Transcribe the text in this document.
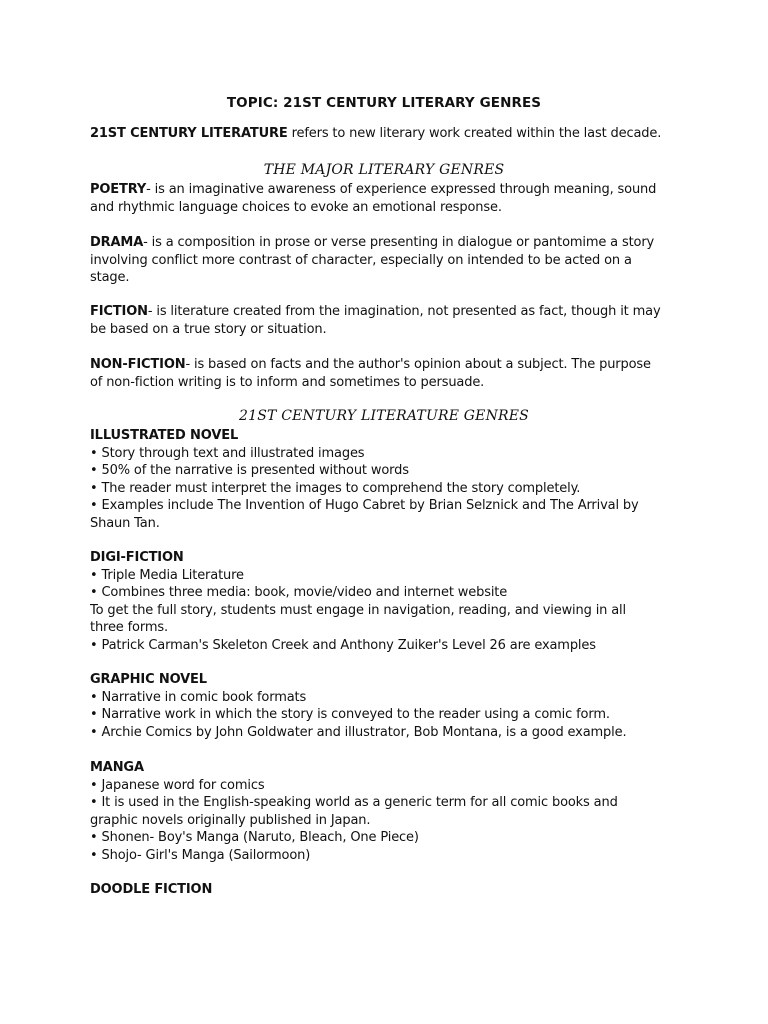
TOPIC: 21ST CENTURY LITERARY GENRES
21ST CENTURY LITERATURE refers to new literary work created within the last decade.
THE MAJOR LITERARY GENRES
POETRY- is an imaginative awareness of experience expressed through meaning, sound
and rhythmic language choices to evoke an emotional response.
DRAMA- is a composition in prose or verse presenting in dialogue or pantomime a story
involving conflict more contrast of character, especially on intended to be acted on a
stage.
FICTION- is literature created from the imagination, not presented as fact, though it may
be based on a true story or situation.
NON-FICTION- is based on facts and the author's opinion about a subject. The purpose
of non-fiction writing is to inform and sometimes to persuade.
21ST CENTURY LITERATURE GENRES
ILLUSTRATED NOVEL
• Story through text and illustrated images
• 50% of the narrative is presented without words
• The reader must interpret the images to comprehend the story completely.
• Examples include The Invention of Hugo Cabret by Brian Selznick and The Arrival by
Shaun Tan.
DIGI-FICTION
• Triple Media Literature
• Combines three media: book, movie/video and internet website
To get the full story, students must engage in navigation, reading, and viewing in all
three forms.
• Patrick Carman's Skeleton Creek and Anthony Zuiker's Level 26 are examples
GRAPHIC NOVEL
• Narrative in comic book formats
• Narrative work in which the story is conveyed to the reader using a comic form.
• Archie Comics by John Goldwater and illustrator, Bob Montana, is a good example.
MANGA
• Japanese word for comics
• It is used in the English-speaking world as a generic term for all comic books and
graphic novels originally published in Japan.
• Shonen- Boy's Manga (Naruto, Bleach, One Piece)
• Shojo- Girl's Manga (Sailormoon)
DOODLE FICTION
